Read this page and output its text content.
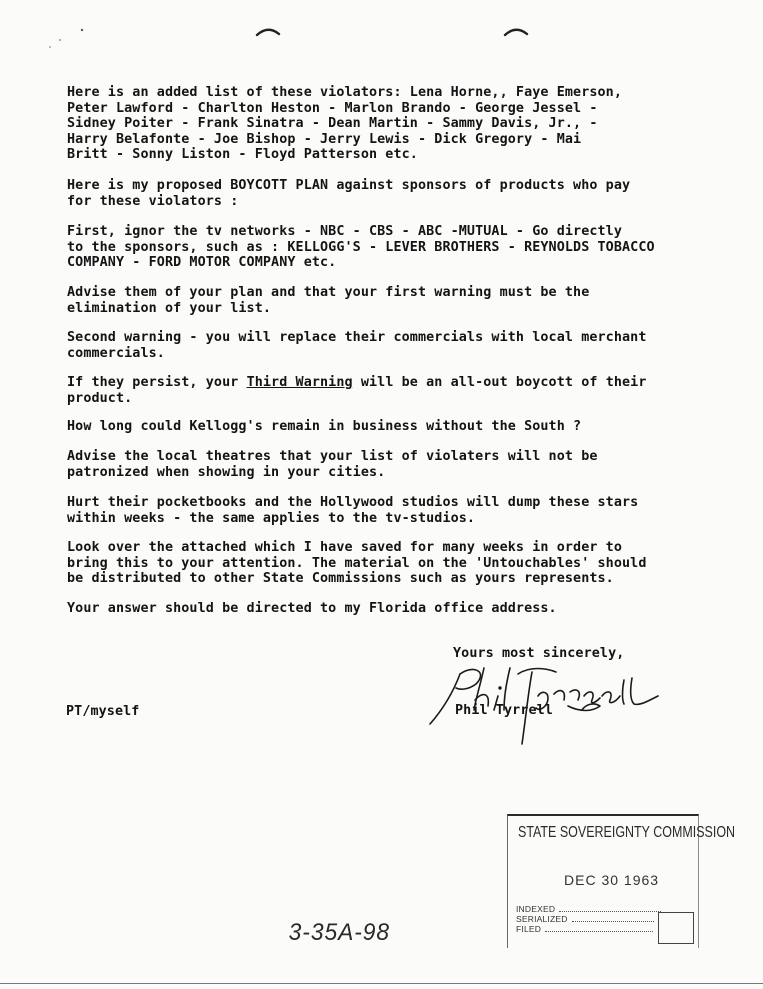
Here is an added list of these violators: Lena Horne,, Faye Emerson,
Peter Lawford - Charlton Heston - Marlon Brando - George Jessel -
Sidney Poiter - Frank Sinatra - Dean Martin - Sammy Davis, Jr., -
Harry Belafonte - Joe Bishop - Jerry Lewis - Dick Gregory - Mai
Britt - Sonny Liston - Floyd Patterson etc.

Here is my proposed BOYCOTT PLAN against sponsors of products who pay
for these violators :

First, ignor the tv networks - NBC - CBS - ABC -MUTUAL - Go directly
to the sponsors, such as : KELLOGG'S - LEVER BROTHERS - REYNOLDS TOBACCO
COMPANY - FORD MOTOR COMPANY etc.

Advise them of your plan and that your first warning must be the
elimination of your list.

Second warning - you will replace their commercials with local merchant
commercials.

If they persist, your Third Warning will be an all-out boycott of their
product.

How long could Kellogg's remain in business without the South ?

Advise the local theatres that your list of violaters will not be
patronized when showing in your cities.

Hurt their pocketbooks and the Hollywood studios will dump these stars
within weeks - the same applies to the tv-studios.

Look over the attached which I have saved for many weeks in order to
bring this to your attention. The material on the 'Untouchables' should
be distributed to other State Commissions such as yours represents.

Your answer should be directed to my Florida office address.

Yours most sincerely,
Phil Tyrrell
PT/myself
STATE SOVEREIGNTY COMMISSION
DEC 30 1963
INDEXED
SERIALIZED
FILED
3-35A-98
